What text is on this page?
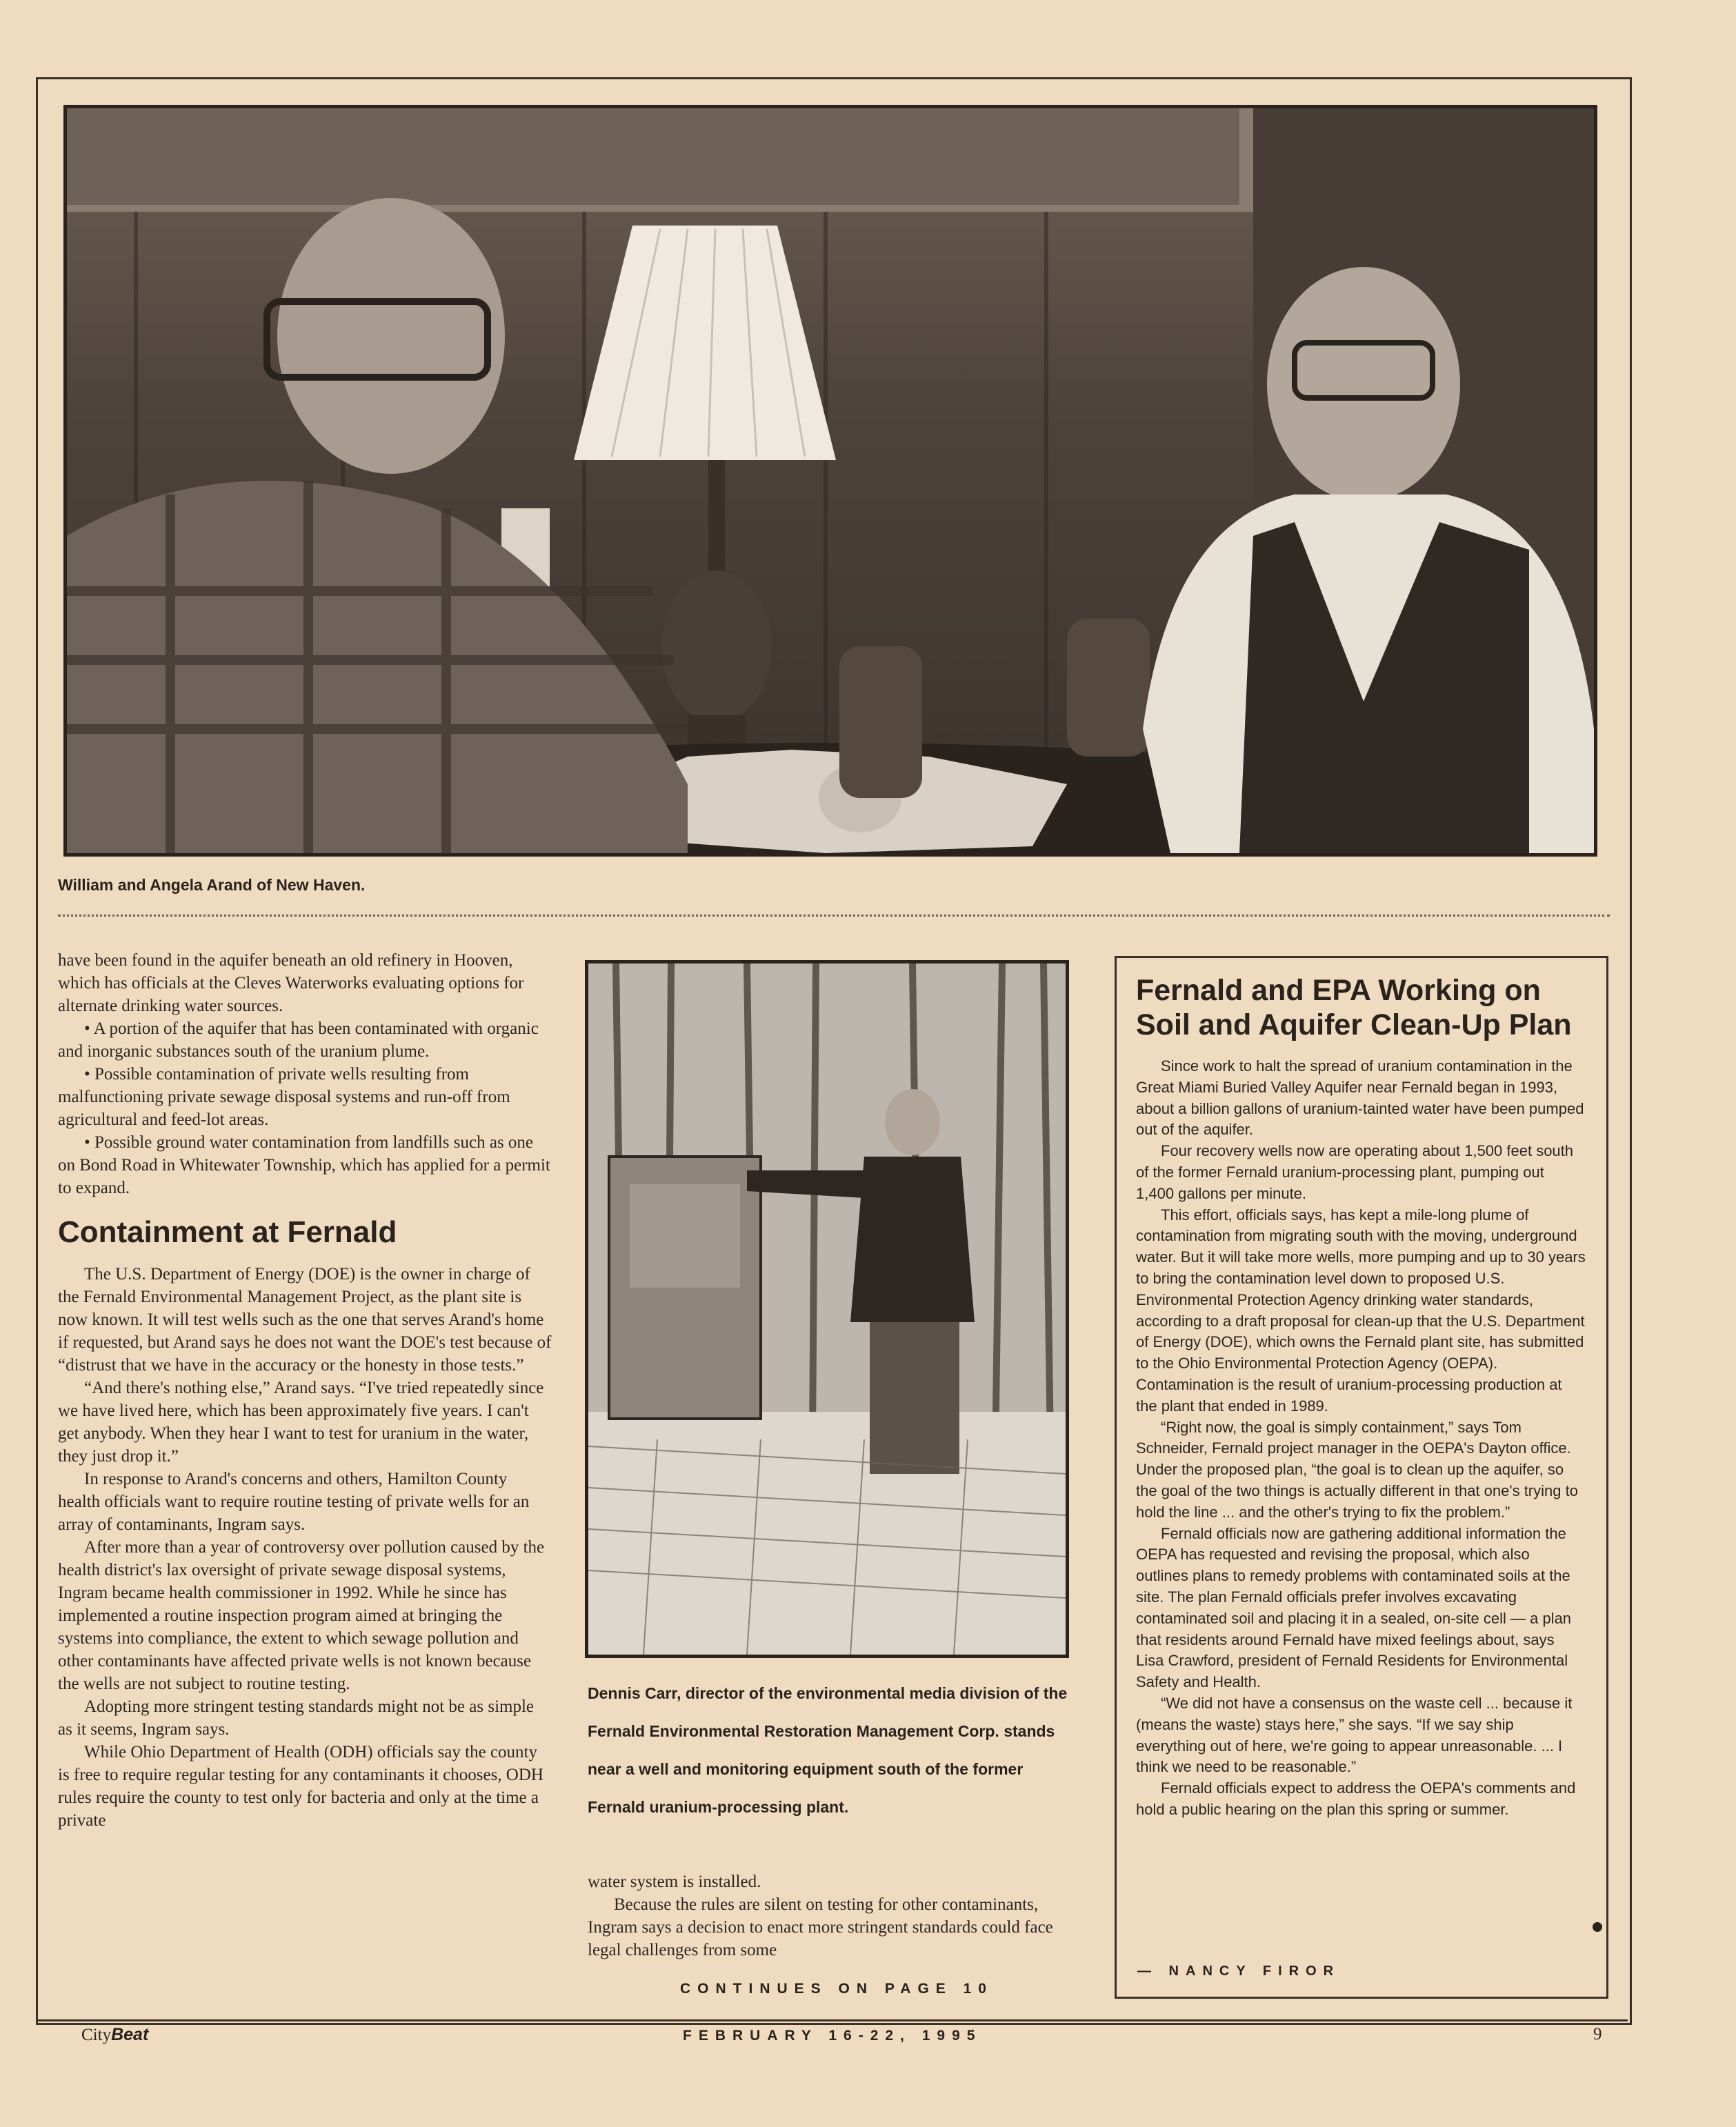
William and Angela Arand of New Haven.

have been found in the aquifer beneath an old refinery in Hooven, which has officials at the Cleves Waterworks evaluating options for alternate drinking water sources.

• A portion of the aquifer that has been contaminated with organic and inorganic substances south of the uranium plume.

• Possible contamination of private wells resulting from malfunctioning private sewage disposal systems and run-off from agricultural and feed-lot areas.

• Possible ground water contamination from landfills such as one on Bond Road in Whitewater Township, which has applied for a permit to expand.

Containment at Fernald

The U.S. Department of Energy (DOE) is the owner in charge of the Fernald Environmental Management Project, as the plant site is now known. It will test wells such as the one that serves Arand's home if requested, but Arand says he does not want the DOE's test because of “distrust that we have in the accuracy or the honesty in those tests.”

“And there's nothing else,” Arand says. “I've tried repeatedly since we have lived here, which has been approximately five years. I can't get anybody. When they hear I want to test for uranium in the water, they just drop it.”

In response to Arand's concerns and others, Hamilton County health officials want to require routine testing of private wells for an array of contaminants, Ingram says.

After more than a year of controversy over pollution caused by the health district's lax oversight of private sewage disposal systems, Ingram became health commissioner in 1992. While he since has implemented a routine inspection program aimed at bringing the systems into compliance, the extent to which sewage pollution and other contaminants have affected private wells is not known because the wells are not subject to routine testing.

Adopting more stringent testing standards might not be as simple as it seems, Ingram says.

While Ohio Department of Health (ODH) officials say the county is free to require regular testing for any contaminants it chooses, ODH rules require the county to test only for bacteria and only at the time a private

Dennis Carr, director of the environmental media division of the Fernald Environmental Restoration Management Corp. stands near a well and monitoring equipment south of the former Fernald uranium-processing plant.

water system is installed.

Because the rules are silent on testing for other contaminants, Ingram says a decision to enact more stringent standards could face legal challenges from some

CONTINUES ON PAGE 10
Fernald and EPA Working on Soil and Aquifer Clean-Up Plan

Since work to halt the spread of uranium contamination in the Great Miami Buried Valley Aquifer near Fernald began in 1993, about a billion gallons of uranium-tainted water have been pumped out of the aquifer.

Four recovery wells now are operating about 1,500 feet south of the former Fernald uranium-processing plant, pumping out 1,400 gallons per minute.

This effort, officials says, has kept a mile-long plume of contamination from migrating south with the moving, underground water. But it will take more wells, more pumping and up to 30 years to bring the contamination level down to proposed U.S. Environmental Protection Agency drinking water standards, according to a draft proposal for clean-up that the U.S. Department of Energy (DOE), which owns the Fernald plant site, has submitted to the Ohio Environmental Protection Agency (OEPA). Contamination is the result of uranium-processing production at the plant that ended in 1989.

“Right now, the goal is simply containment,” says Tom Schneider, Fernald project manager in the OEPA's Dayton office. Under the proposed plan, “the goal is to clean up the aquifer, so the goal of the two things is actually different in that one's trying to hold the line ... and the other's trying to fix the problem.”

Fernald officials now are gathering additional information the OEPA has requested and revising the proposal, which also outlines plans to remedy problems with contaminated soils at the site. The plan Fernald officials prefer involves excavating contaminated soil and placing it in a sealed, on-site cell — a plan that residents around Fernald have mixed feelings about, says Lisa Crawford, president of Fernald Residents for Environmental Safety and Health.

“We did not have a consensus on the waste cell ... because it (means the waste) stays here,” she says. “If we say ship everything out of here, we're going to appear unreasonable. ... I think we need to be reasonable.”

Fernald officials expect to address the OEPA's comments and hold a public hearing on the plan this spring or summer.

— NANCY FIROR
CityBeat	FEBRUARY 16-22, 1995	9
